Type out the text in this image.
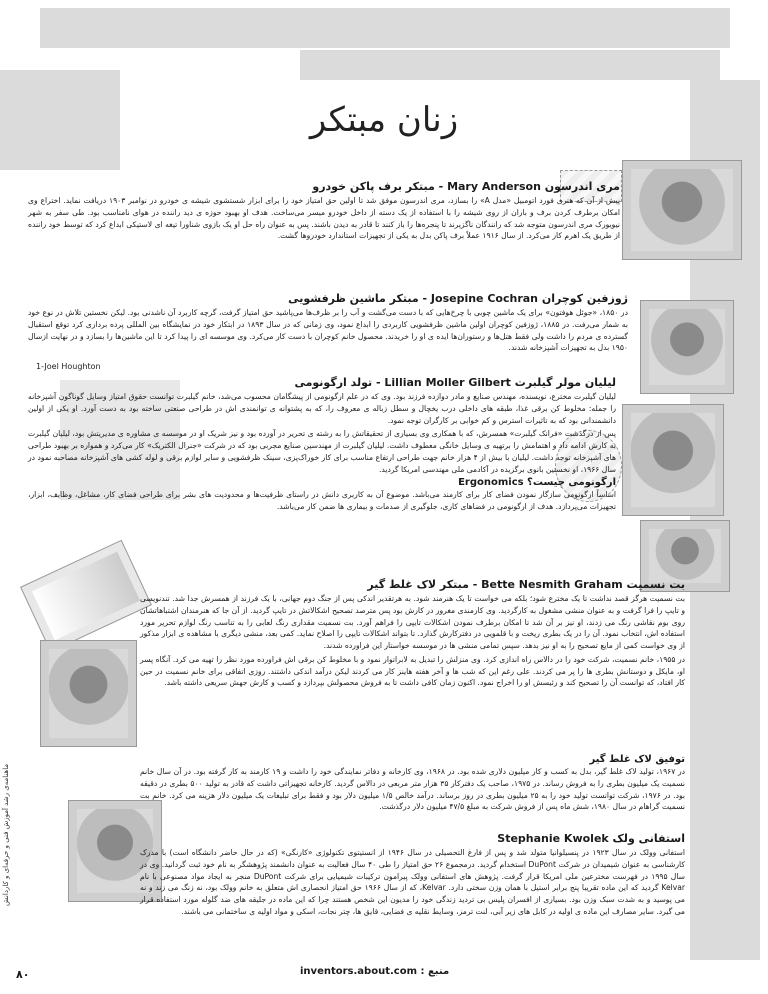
زنان مبتکر
مری اندرسون Mary Anderson - مبتکر برف پاکن خودرو

پیش از آن که هنری فورد اتومبیل «مدل A» را بسازد، مری اندرسون موفق شد تا اولین حق امتیاز خود را برای ابزار شستشوی شیشه ی خودرو در نوامبر ۱۹۰۳ دریافت نماید. اختراع وی امکان برطرف کردن برف و باران از روی شیشه را با استفاده از یک دسته از داخل خودرو میسر می‌ساخت. هدف او بهبود حوزه ی دید راننده در هوای نامناسب بود. طی سفر به شهر نیویورک مری اندرسون متوجه شد که رانندگان ناگزیرند تا پنجره‌ها را باز کنند تا قادر به دیدن باشند. پس به عنوان راه حل او یک بازوی شناورا تیغه ای لاستیکی ابداع کرد که توسط خود راننده از طریق یک اهرم کار می‌کرد. از سال ۱۹۱۶ عملاً برف پاکن بدل به یکی از تجهیزات استاندارد خودروها گشت.

ژوزفین کوچران Josepine Cochran - مبتکر ماشین ظرفشویی

در ۱۸۵۰، «جوئل هوفتون» برای یک ماشین چوبی با چرخ‌هایی که با دست می‌گشت و آب را بر ظرف‌ها می‌پاشید حق امتیاز گرفت، گرچه کاربرد آن ناشدنی بود. لیکن نخستین تلاش در نوع خود به شمار می‌رفت. در ۱۸۸۵، ژوزفین کوچران اولین ماشین ظرفشویی کاربردی را ابداع نمود، وی زمانی که در سال ۱۸۹۳ در ابتکار خود در نمایشگاه بین المللی پرده برداری کرد توقع استقبال گسترده ی مردم را داشت ولی فقط هتل‌ها و رستوران‌ها ایده ی او را خریدند. محصول خانم کوچران با دست کار می‌کرد. وی موسسه ای را پیدا کرد تا این ماشین‌ها را بسازد و در نهایت ازسال ۱۹۵۰ بدل به تجهیزات آشپزخانه شدند.

1-Joel Houghton
لیلیان مولر گیلبرت Lillian Moller Gilbert - تولد ارگونومی

لیلیان گیلبرت مخترع، نویسنده، مهندس صنایع و مادر دوازده فرزند بود. وی که در علم ارگونومی از پیشگامان محسوب می‌شد، خانم گیلبرت توانست حقوق امتیاز وسایل گوناگون آشپزخانه را جمله: مخلوط کن برقی غذا، طبقه های داخلی درب یخچال و سطل زباله ی معروف را، که به پشتوانه ی توانمندی اش در طراحی صنعتی ساخته بود به دست آورد. او یکی از اولین دانشمندانی بود که به تاثیرات استرس و کم خوابی بر کارگران توجه نمود.

پس از درگذشت «فرانک گیلبرت» همسرش، که با همکاری وی بسیاری از تحقیقاتش را به رشته ی تحریر در آورده بود و نیز شریک او در موسسه ی مشاوره ی مدیریتش بود، لیلیان گیلبرت به کارش ادامه داد و اهتمامش را برتهیه ی وسایل خانگی معطوف داشت. لیلیان گیلبرت از مهندسین صنایع مجربی بود که در شرکت «جنرال الکتریک» کار می‌کرد و همواره بر بهبود طراحی های آشپزخانه توجه داشت. لیلیان با بیش از ۴ هزار خانم جهت طراحی ارتفاع مناسب برای کار خوراک‌پزی، سینک ظرفشویی و سایر لوازم برقی و لوله کشی های آشپزخانه مصاحبه نمود در سال ۱۹۶۶، او نخستین بانوی برگزیده در آکادمی ملی مهندسی امریکا گردید.

ارگونومی چیست؟ Ergonomics

اساساً ارگونومی سازگار نمودن فضای کار برای کارمند می‌باشد. موضوع آن به کاربری دانش در راستای ظرفیت‌ها و محدودیت های بشر برای طراحی فضای کار، مشاغل، وظایف، ابزار، تجهیزات می‌پردازد. هدف از ارگونومی در فضاهای کاری، جلوگیری از صدمات و بیماری ها ضمن کار می‌باشد.

بت نسمیت Bette Nesmith Graham - مبتکر لاک غلط گیر

بت نسمیت هرگز قصد نداشت تا یک مخترع شود؛ بلکه می خواست تا یک هنرمند شود. به هرتقدیر اندکی پس از جنگ دوم جهانی، با یک فرزند از همسرش جدا شد. تندنویسی و تایپ را فرا گرفت و به عنوان منشی مشغول به کارگردید. وی کارمندی مغرور در کارش بود پس مترصد تصحیح اشکالاتش در تایپ گردید. از آن جا که هنرمندان اشتباهاتشان روی بوم نقاشی رنگ می زدند، او نیز بر آن شد تا امکان برطرف نمودن اشکالات تایپی را فراهم آورد. بت نسمیت مقداری رنگ لعابی را به تناسب رنگ لوازم تحریر مورد استفاده اش، انتخاب نمود. آن را در یک بطری ریخت و با قلمویی در دفترکارش گذارد. تا بتواند اشکالات تایپی را اصلاح نماید. کمی بعد، منشی دیگری با مشاهده ی ابزار مذکور از وی خواست کمی از مایع تصحیح را به او نیز بدهد. سپس تمامی منشی ها در موسسه خواستار این فراورده شدند.

در ۱۹۵۵، خانم نسمیت، شرکت خود را در دالاس راه اندازی کرد. وی منزلش را تبدیل به لابراتوار نمود و با مخلوط کن برقی اش فراورده مورد نظر را تهیه می کرد. آنگاه پسر او، مایکل و دوستانش بطری ها را پر می کردند. علی رغم این که شب ها و آخر هفته هاینز کار می کردند لیکن درآمد اندکی داشتند. روزی اتفاقی برای خانم نسمیت در حین کار افتاد، که توانست آن را تصحیح کند و رئیسش او را اخراج نمود. اکنون زمان کافی داشت تا به فروش محصولش بپردازد و کسب و کارش جهش سریعی داشته باشد.

توفیق لاک غلط گیر

در ۱۹۶۷، تولید لاک غلط گیر، بدل به کسب و کار میلیون دلاری شده بود. در ۱۹۶۸، وی کارخانه و دفاتر نمایندگی خود را داشت و ۱۹ کارمند به کار گرفته بود. در آن سال خانم نسمیت یک میلیون بطری را به فروش رساند. در ۱۹۷۵، صاحب یک دفترکار ۳۵ هزار متر مربعی در دالاس گردید. کارخانه تجهیزاتی داشت که قادر به تولید ۵۰۰ بطری در دقیقه بود. در ۱۹۷۶، شرکت توانست تولید خود را به ۲۵ میلیون بطری در روز برساند. درآمد خالص ۱/۵ میلیون دلار بود و فقط برای تبلیغات یک میلیون دلار هزینه می کرد. خانم بت نسمیت گراهام در سال ۱۹۸۰، شش ماه پس از فروش شرکت به مبلغ ۴۷/۵ میلیون دلار درگذشت.

استفانی ولک Stephanie Kwolek

استفانی وولک در سال ۱۹۲۳ در پنسیلوانیا متولد شد و پس از فارغ التحصیلی در سال ۱۹۴۶ از انستیتوی تکنولوژی «کارنگی» (که در حال حاضر دانشگاه است) با مدرک کارشناسی به عنوان شیمیدان در شرکت DuPont استخدام گردید. درمجموع ۲۶ حق امتیاز را طی ۴۰ سال فعالیت به عنوان دانشمند پژوهشگر به نام خود ثبت گردانید. وی در سال ۱۹۹۵ در فهرست مخترعین ملی امریکا قرار گرفت. پژوهش های استفانی وولک پیرامون ترکیبات شیمیایی برای شرکت DuPont منجر به ایجاد مواد مصنوعی با نام Kelvar گردید که این ماده تقریبا پنج برابر استیل با همان وزن سختی دارد. Kelvar، که از سال ۱۹۶۶ حق امتیاز انحصاری اش متعلق به خانم وولک بود، نه زنگ می زند و نه می پوسید و به شدت سبک وزن بود. بسیاری از افسران پلیس بی تردید زندگی خود را مدیون این شخص هستند چرا که این ماده در جلیقه های ضد گلوله مورد استفاده قرار می گیرد. سایر مصارف این ماده ی اولیه در کابل های زیر آبی، لنت ترمز، وسایط نقلیه ی فضایی، قایق ها، چتر نجات، اسکی و مواد اولیه ی ساختمانی می باشند.

منبع : inventors.about.com
ماهنامه‌ی رشد آموزش فنی و حرفه‌ای و کاردانش
۸۰
